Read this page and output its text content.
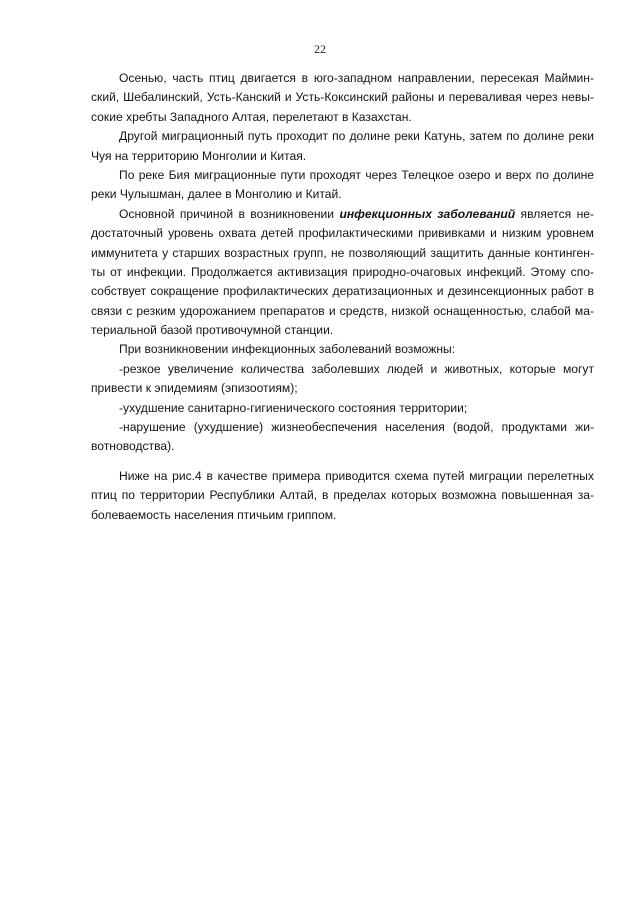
22
Осенью, часть птиц двигается в юго-западном направлении, пересекая Маймин-
ский, Шебалинский, Усть-Канский и Усть-Коксинский районы и переваливая через невы-
сокие хребты Западного Алтая, перелетают в Казахстан.
Другой миграционный путь проходит по долине реки Катунь, затем по долине реки
Чуя на территорию Монголии и Китая.
По реке Бия миграционные пути проходят через Телецкое озеро и верх по долине
реки Чулышман, далее в Монголию и Китай.
Основной причиной в возникновении инфекционных заболеваний является не-
достаточный уровень охвата детей профилактическими прививками и низким уровнем
иммунитета у старших возрастных групп, не позволяющий защитить данные континген-
ты от инфекции. Продолжается активизация природно-очаговых инфекций. Этому спо-
собствует сокращение профилактических дератизационных и дезинсекционных работ в
связи с резким удорожанием препаратов и средств, низкой оснащенностью, слабой ма-
териальной базой противочумной станции.
При возникновении инфекционных заболеваний возможны:
-резкое увеличение количества заболевших людей и животных, которые могут
привести к эпидемиям (эпизоотиям);
-ухудшение санитарно-гигиенического состояния территории;
-нарушение (ухудшение) жизнеобеспечения населения (водой, продуктами жи-
вотноводства).
Ниже на рис.4 в качестве примера приводится схема путей миграции перелетных
птиц по территории Республики Алтай, в пределах которых возможна повышенная за-
болеваемость населения птичьим гриппом.
